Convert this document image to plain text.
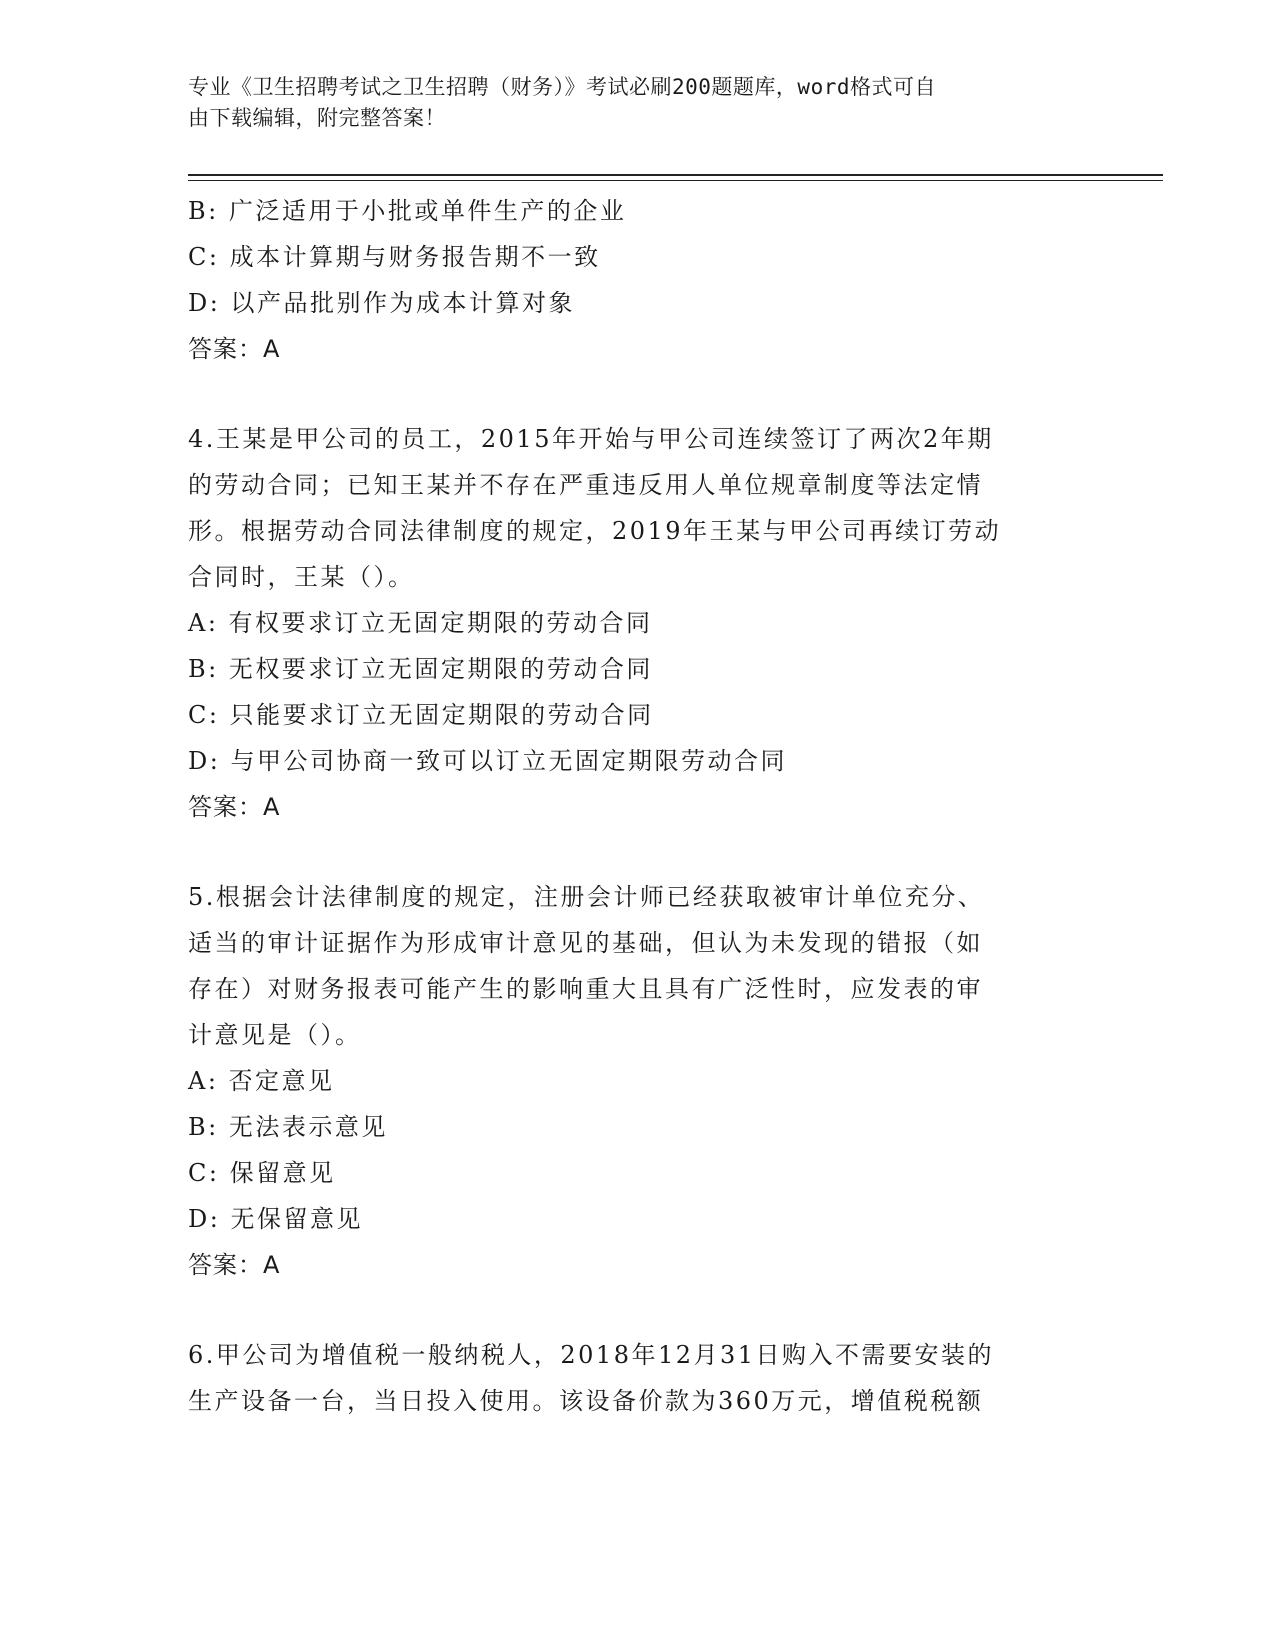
专业《卫生招聘考试之卫生招聘（财务）》考试必刷200题题库，word格式可自
由下载编辑，附完整答案！
B: 广泛适用于小批或单件生产的企业
C: 成本计算期与财务报告期不一致
D: 以产品批别作为成本计算对象
答案：A
4.王某是甲公司的员工，2015年开始与甲公司连续签订了两次2年期
的劳动合同；已知王某并不存在严重违反用人单位规章制度等法定情
形。根据劳动合同法律制度的规定，2019年王某与甲公司再续订劳动
合同时，王某（）。
A: 有权要求订立无固定期限的劳动合同
B: 无权要求订立无固定期限的劳动合同
C: 只能要求订立无固定期限的劳动合同
D: 与甲公司协商一致可以订立无固定期限劳动合同
答案：A
5.根据会计法律制度的规定，注册会计师已经获取被审计单位充分、
适当的审计证据作为形成审计意见的基础，但认为未发现的错报（如
存在）对财务报表可能产生的影响重大且具有广泛性时，应发表的审
计意见是（）。
A: 否定意见
B: 无法表示意见
C: 保留意见
D: 无保留意见
答案：A
6.甲公司为增值税一般纳税人，2018年12月31日购入不需要安装的
生产设备一台，当日投入使用。该设备价款为360万元，增值税税额
